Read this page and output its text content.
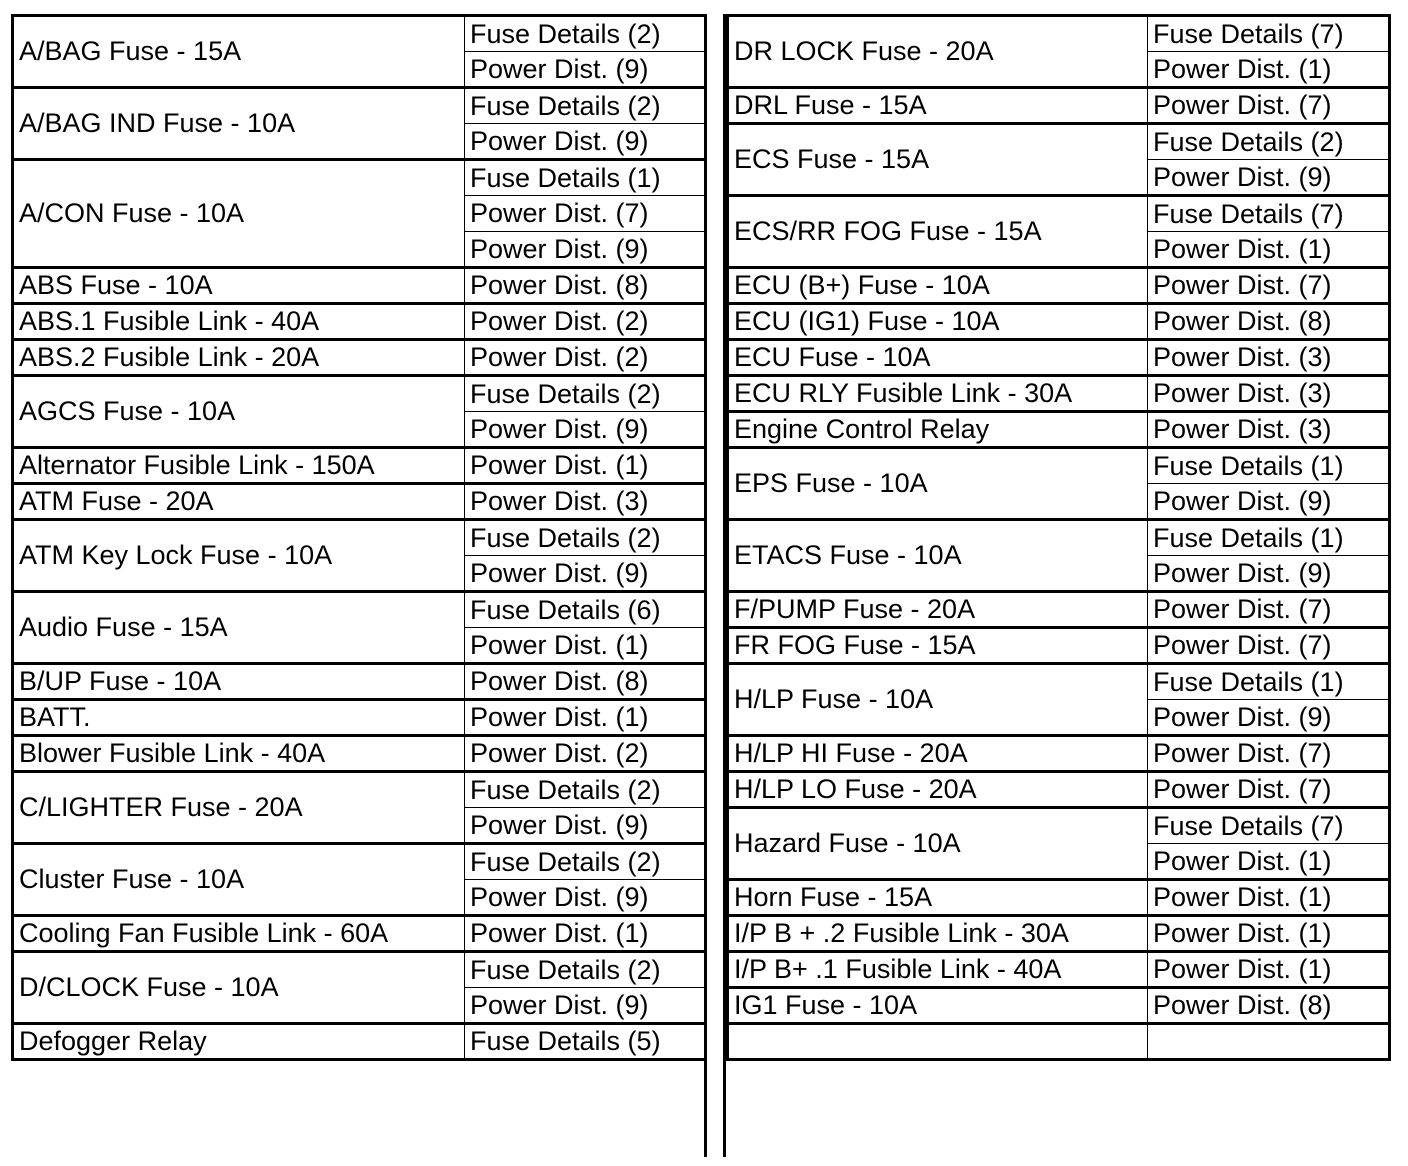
A/BAG Fuse - 15A	Fuse Details (2)
	Power Dist. (9)
A/BAG IND Fuse - 10A	Fuse Details (2)
	Power Dist. (9)
A/CON Fuse - 10A	Fuse Details (1)
	Power Dist. (7)
	Power Dist. (9)
ABS Fuse - 10A	Power Dist. (8)
ABS.1 Fusible Link - 40A	Power Dist. (2)
ABS.2 Fusible Link - 20A	Power Dist. (2)
AGCS Fuse - 10A	Fuse Details (2)
	Power Dist. (9)
Alternator Fusible Link - 150A	Power Dist. (1)
ATM Fuse - 20A	Power Dist. (3)
ATM Key Lock Fuse - 10A	Fuse Details (2)
	Power Dist. (9)
Audio Fuse - 15A	Fuse Details (6)
	Power Dist. (1)
B/UP Fuse - 10A	Power Dist. (8)
BATT.	Power Dist. (1)
Blower Fusible Link - 40A	Power Dist. (2)
C/LIGHTER Fuse - 20A	Fuse Details (2)
	Power Dist. (9)
Cluster Fuse - 10A	Fuse Details (2)
	Power Dist. (9)
Cooling Fan Fusible Link - 60A	Power Dist. (1)
D/CLOCK Fuse - 10A	Fuse Details (2)
	Power Dist. (9)
Defogger Relay	Fuse Details (5)
DR LOCK Fuse - 20A	Fuse Details (7)
	Power Dist. (1)
DRL Fuse - 15A	Power Dist. (7)
ECS Fuse - 15A	Fuse Details (2)
	Power Dist. (9)
ECS/RR FOG Fuse - 15A	Fuse Details (7)
	Power Dist. (1)
ECU (B+) Fuse - 10A	Power Dist. (7)
ECU (IG1) Fuse - 10A	Power Dist. (8)
ECU Fuse - 10A	Power Dist. (3)
ECU RLY Fusible Link - 30A	Power Dist. (3)
Engine Control Relay	Power Dist. (3)
EPS Fuse - 10A	Fuse Details (1)
	Power Dist. (9)
ETACS Fuse - 10A	Fuse Details (1)
	Power Dist. (9)
F/PUMP Fuse - 20A	Power Dist. (7)
FR FOG Fuse - 15A	Power Dist. (7)
H/LP Fuse - 10A	Fuse Details (1)
	Power Dist. (9)
H/LP HI Fuse - 20A	Power Dist. (7)
H/LP LO Fuse - 20A	Power Dist. (7)
Hazard Fuse - 10A	Fuse Details (7)
	Power Dist. (1)
Horn Fuse - 15A	Power Dist. (1)
I/P B + .2 Fusible Link - 30A	Power Dist. (1)
I/P B+ .1 Fusible Link - 40A	Power Dist. (1)
IG1 Fuse - 10A	Power Dist. (8)
